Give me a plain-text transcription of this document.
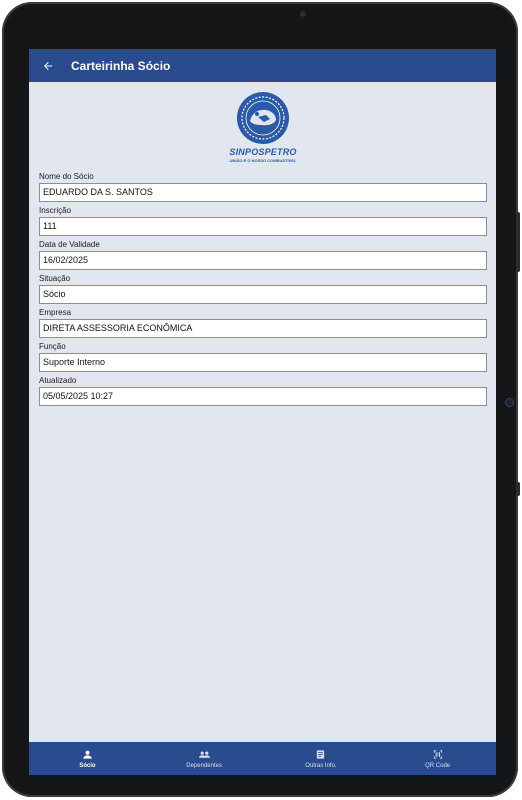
Carteirinha Sócio
SINPOSPETRO
UNIÃO É O NOSSO COMBUSTÍVEL
Nome do Sócio
EDUARDO DA S. SANTOS
Inscrição
111
Data de Validade
16/02/2025
Situação
Sócio
Empresa
DIRETA ASSESSORIA ECONÔMICA
Função
Suporte Interno
Atualizado
05/05/2025 10:27
Sócio	Dependentes	Outras Info.	QR Code
